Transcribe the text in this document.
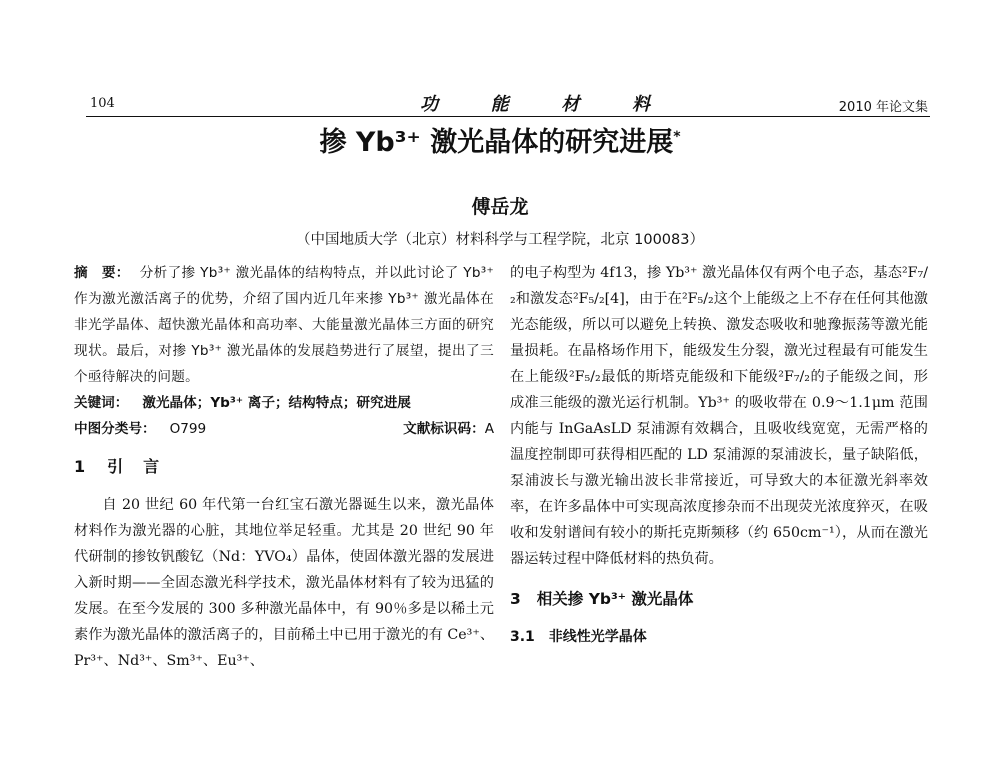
104	功	能	材	料	2010 年论文集
掺 Yb³⁺ 激光晶体的研究进展*
傅岳龙
（中国地质大学（北京）材料科学与工程学院，北京 100083）
摘　要： 分析了掺 Yb³⁺ 激光晶体的结构特点，并以此讨论了 Yb³⁺ 作为激光激活离子的优势，介绍了国内近几年来掺 Yb³⁺ 激光晶体在非光学晶体、超快激光晶体和高功率、大能量激光晶体三方面的研究现状。最后，对掺 Yb³⁺ 激光晶体的发展趋势进行了展望，提出了三个亟待解决的问题。
关键词： 激光晶体；Yb³⁺ 离子；结构特点；研究进展
中图分类号： O799	文献标识码：A
1 引　言

自 20 世纪 60 年代第一台红宝石激光器诞生以来，激光晶体材料作为激光器的心脏，其地位举足轻重。尤其是 20 世纪 90 年代研制的掺钕钒酸钇（Nd：YVO₄）晶体，使固体激光器的发展进入新时期——全固态激光科学技术，激光晶体材料有了较为迅猛的发展。在至今发展的 300 多种激光晶体中，有 90％多是以稀土元素作为激光晶体的激活离子的，目前稀土中已用于激光的有 Ce³⁺、Pr³⁺、Nd³⁺、Sm³⁺、Eu³⁺、

的电子构型为 4f13，掺 Yb³⁺ 激光晶体仅有两个电子态，基态²F₇/₂和激发态²F₅/₂[4]，由于在²F₅/₂这个上能级之上不存在任何其他激光态能级，所以可以避免上转换、激发态吸收和驰豫振荡等激光能量损耗。在晶格场作用下，能级发生分裂，激光过程最有可能发生在上能级²F₅/₂最低的斯塔克能级和下能级²F₇/₂的子能级之间，形成准三能级的激光运行机制。Yb³⁺ 的吸收带在 0.9～1.1μm 范围内能与 InGaAsLD 泵浦源有效耦合，且吸收线宽宽，无需严格的温度控制即可获得相匹配的 LD 泵浦源的泵浦波长，量子缺陷低，泵浦波长与激光输出波长非常接近，可导致大的本征激光斜率效率，在许多晶体中可实现高浓度掺杂而不出现荧光浓度猝灭，在吸收和发射谱间有较小的斯托克斯频移（约 650cm⁻¹），从而在激光器运转过程中降低材料的热负荷。

3 相关掺 Yb³⁺ 激光晶体
3.1　非线性光学晶体
